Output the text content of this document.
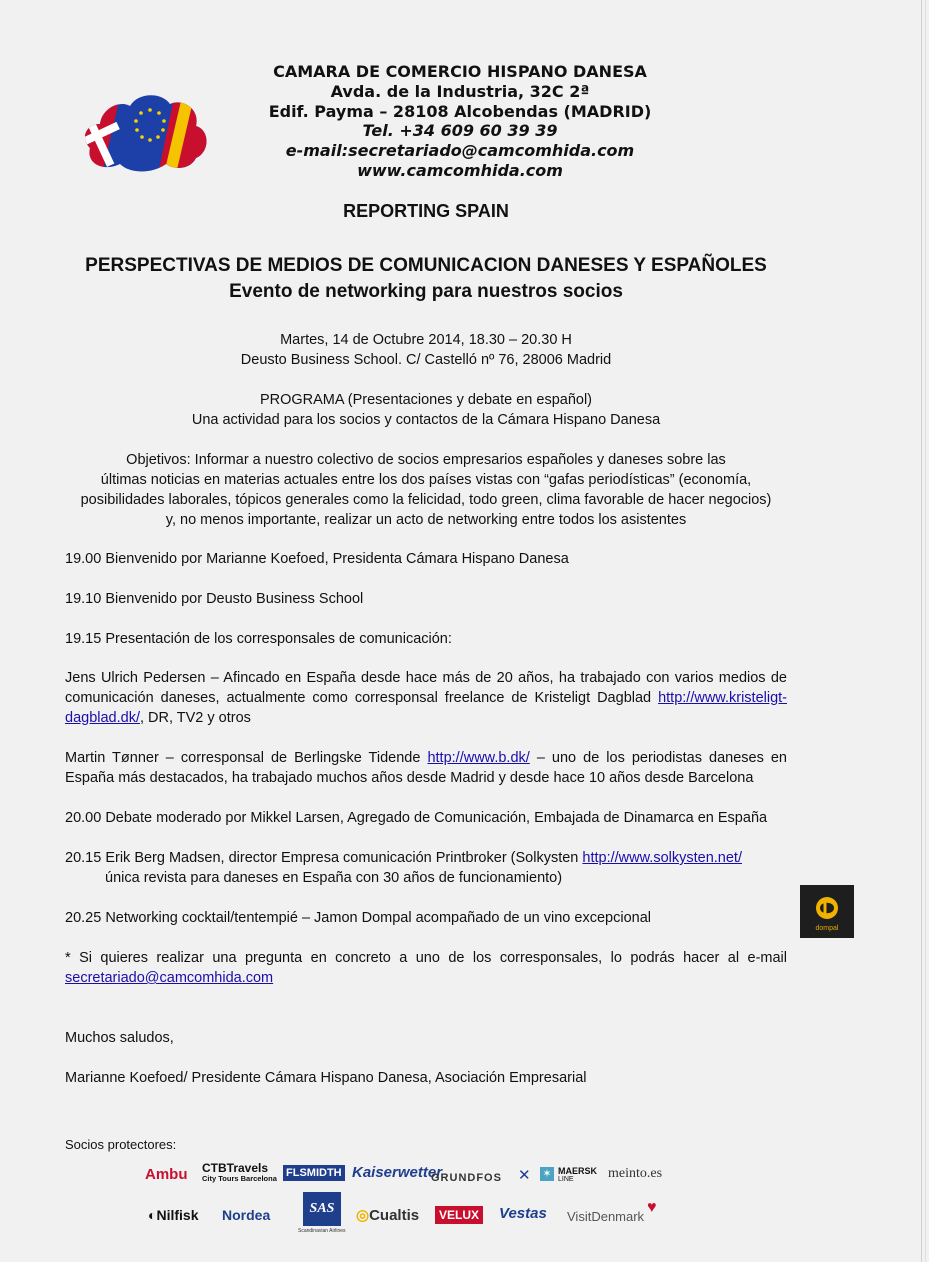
CAMARA DE COMERCIO HISPANO DANESA
Avda. de la Industria, 32C 2ª
Edif. Payma – 28108 Alcobendas (MADRID)
Tel. +34 609 60 39 39
e-mail:secretariado@camcomhida.com
www.camcomhida.com
REPORTING SPAIN
PERSPECTIVAS DE MEDIOS DE COMUNICACION DANESES Y ESPAÑOLES
Evento de networking para nuestros socios
Martes, 14 de Octubre 2014, 18.30 – 20.30 H
Deusto Business School. C/ Castelló nº 76, 28006 Madrid
PROGRAMA (Presentaciones y debate en español)
Una actividad para los socios y contactos de la Cámara Hispano Danesa
Objetivos: Informar a nuestro colectivo de socios empresarios españoles y daneses sobre las
últimas noticias en materias actuales entre los dos países vistas con “gafas periodísticas” (economía,
posibilidades laborales, tópicos generales como la felicidad, todo green, clima favorable de hacer negocios)
y, no menos importante, realizar un acto de networking entre todos los asistentes
19.00 Bienvenido por Marianne Koefoed, Presidenta Cámara Hispano Danesa
19.10 Bienvenido por Deusto Business School
19.15 Presentación de los corresponsales de comunicación:
Jens Ulrich Pedersen – Afincado en España desde hace más de 20 años, ha trabajado con varios medios de comunicación daneses, actualmente como corresponsal freelance de Kristeligt Dagblad http://www.kristeligt-dagblad.dk/, DR, TV2 y otros
Martin Tønner – corresponsal de Berlingske Tidende http://www.b.dk/ – uno de los periodistas daneses en España más destacados, ha trabajado muchos años desde Madrid y desde hace 10 años desde Barcelona
20.00 Debate moderado por Mikkel Larsen, Agregado de Comunicación, Embajada de Dinamarca en España
20.15 Erik Berg Madsen, director Empresa comunicación Printbroker (Solkysten http://www.solkysten.net/
única revista para daneses en España con 30 años de funcionamiento)
20.25 Networking cocktail/tentempié – Jamon Dompal acompañado de un vino excepcional
dompal
* Si quieres realizar una pregunta en concreto a uno de los corresponsales, lo podrás hacer al e-mail secretariado@camcomhida.com
Muchos saludos,
Marianne Koefoed/ Presidente Cámara Hispano Danesa, Asociación Empresarial
Socios protectores:
Ambu CTBTravels
City Tours Barcelona FLSMIDTH Kaiserwetter
GRUNDFOS ✕ ✶ MAERSK
LINE	meinto.es
◐Nilfisk Nordea	SAS
Scandinavian Airlines
◎Cualtis	VELUX Vestas VisitDenmark
♥
